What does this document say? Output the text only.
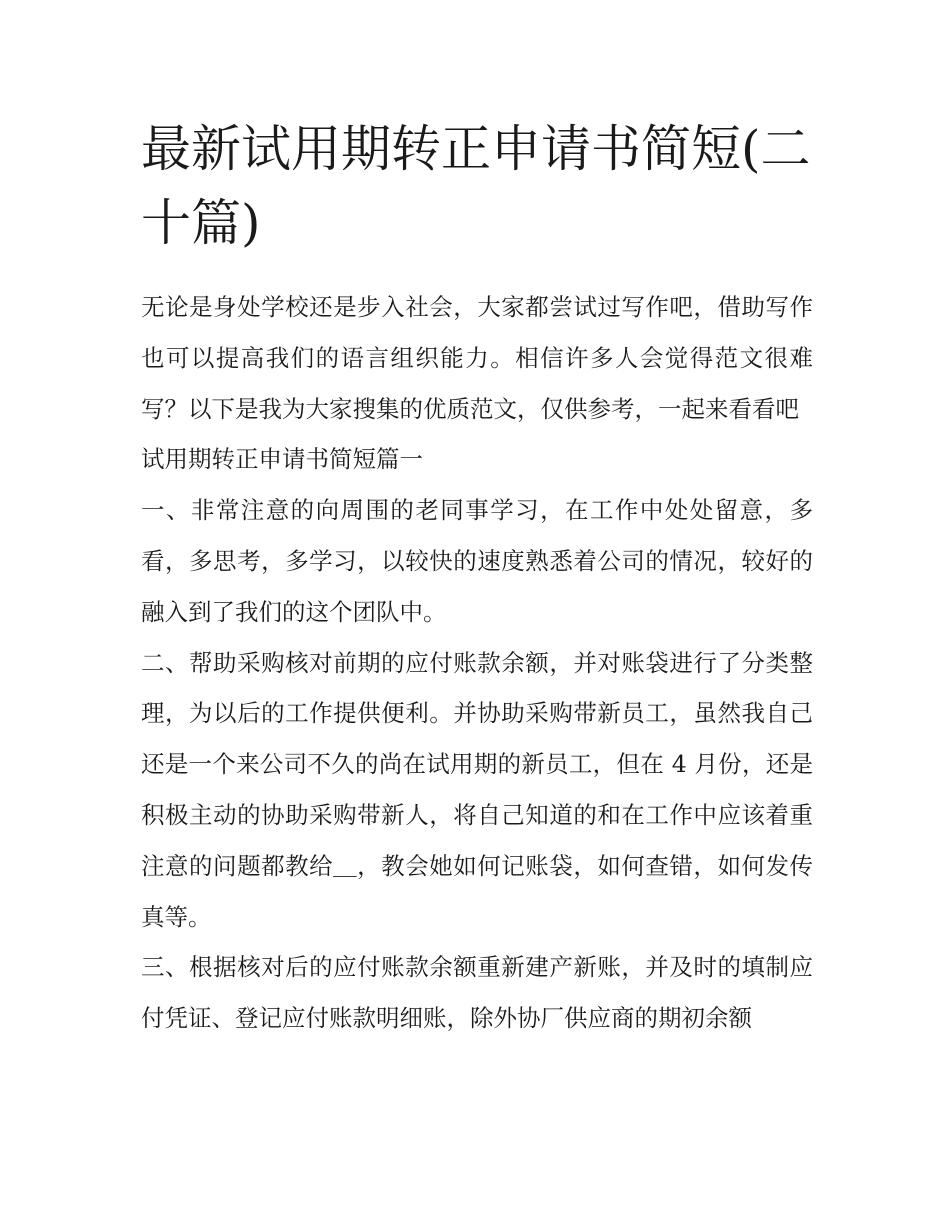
最新试用期转正申请书简短(二十篇)

无论是身处学校还是步入社会，大家都尝试过写作吧，借助写作也可以提高我们的语言组织能力。相信许多人会觉得范文很难写？以下是我为大家搜集的优质范文，仅供参考，一起来看看吧

试用期转正申请书简短篇一

一、非常注意的向周围的老同事学习，在工作中处处留意，多看，多思考，多学习，以较快的速度熟悉着公司的情况，较好的融入到了我们的这个团队中。

二、帮助采购核对前期的应付账款余额，并对账袋进行了分类整理，为以后的工作提供便利。并协助采购带新员工，虽然我自己还是一个来公司不久的尚在试用期的新员工，但在 4 月份，还是积极主动的协助采购带新人，将自己知道的和在工作中应该着重注意的问题都教给＿，教会她如何记账袋，如何查错，如何发传真等。

三、根据核对后的应付账款余额重新建产新账，并及时的填制应付凭证、登记应付账款明细账，除外协厂供应商的期初余额
